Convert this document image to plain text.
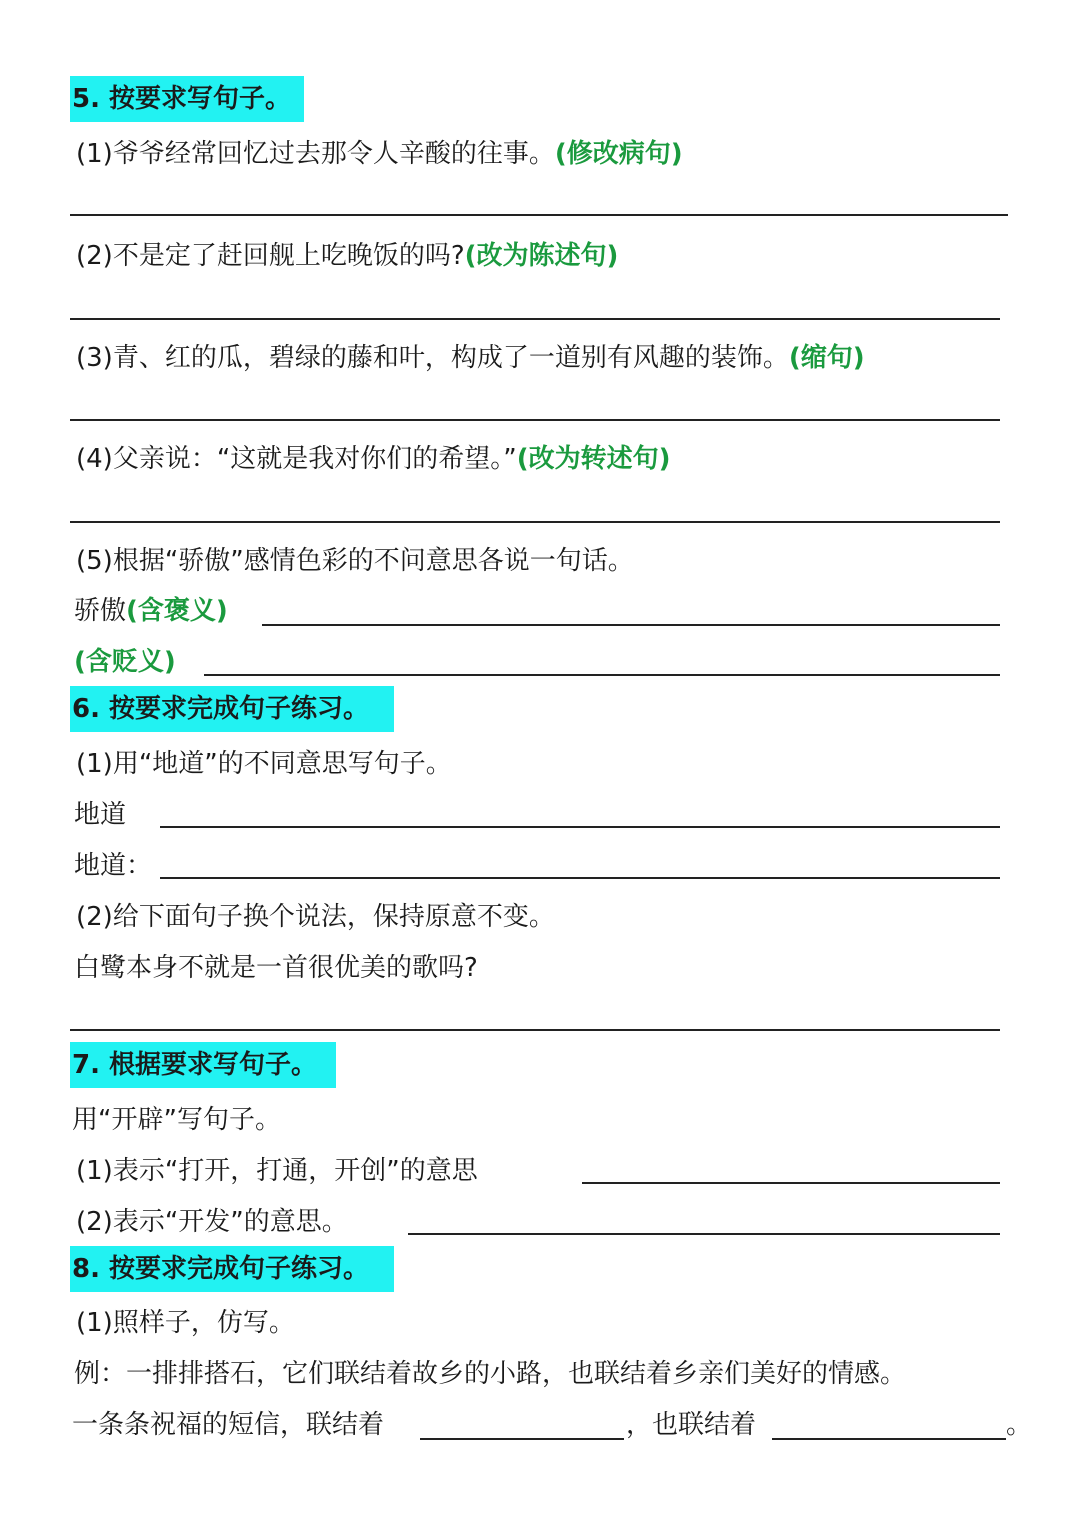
5. 按要求写句子。
(1)爷爷经常回忆过去那令人辛酸的往事。(修改病句)
(2)不是定了赶回舰上吃晚饭的吗?(改为陈述句)
(3)青、红的瓜，碧绿的藤和叶，构成了一道别有风趣的装饰。(缩句)
(4)父亲说：“这就是我对你们的希望。”(改为转述句)
(5)根据“骄傲”感情色彩的不问意思各说一句话。
骄傲(含褒义)
(含贬义)
6. 按要求完成句子练习。
(1)用“地道”的不同意思写句子。
地道
地道：
(2)给下面句子换个说法，保持原意不变。
白鹭本身不就是一首很优美的歌吗?
7. 根据要求写句子。
用“开辟”写句子。
(1)表示“打开，打通，开创”的意思
(2)表示“开发”的意思。
8. 按要求完成句子练习。
(1)照样子，仿写。
例：一排排搭石，它们联结着故乡的小路，也联结着乡亲们美好的情感。
一条条祝福的短信，联结着	，也联结着	。
